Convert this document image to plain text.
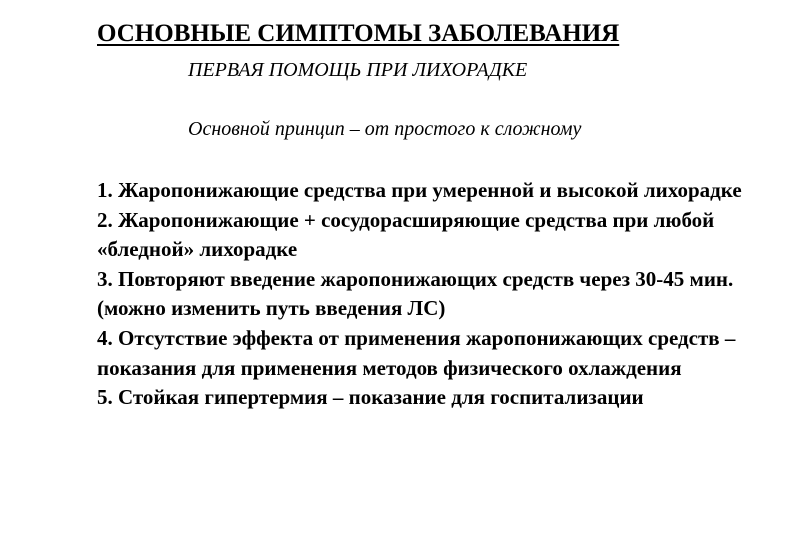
ОСНОВНЫЕ СИМПТОМЫ ЗАБОЛЕВАНИЯ
ПЕРВАЯ ПОМОЩЬ ПРИ ЛИХОРАДКЕ
Основной принцип – от простого к сложному

1. Жаропонижающие средства при умеренной и высокой лихорадке

2. Жаропонижающие + сосудорасширяющие средства при любой «бледной» лихорадке

3. Повторяют введение жаропонижающих средств через 30-45 мин. (можно изменить путь введения ЛС)

4. Отсутствие эффекта от применения жаропонижающих средств – показания для применения методов физического охлаждения

5. Стойкая гипертермия – показание для госпитализации
